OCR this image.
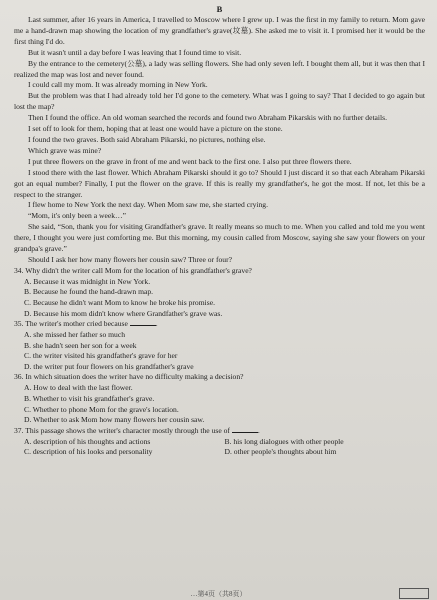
B

Last summer, after 16 years in America, I travelled to Moscow where I grew up. I was the first in my family to return. Mom gave me a hand-drawn map showing the location of my grandfather's grave(坟墓). She asked me to visit it. I promised her it would be the first thing I'd do.

But it wasn't until a day before I was leaving that I found time to visit.

By the entrance to the cemetery(公墓), a lady was selling flowers. She had only seven left. I bought them all, but it was then that I realized the map was lost and never found.

I could call my mom. It was already morning in New York.

But the problem was that I had already told her I'd gone to the cemetery. What was I going to say? That I decided to go again but lost the map?

Then I found the office. An old woman searched the records and found two Abraham Pikarskis with no further details.

I set off to look for them, hoping that at least one would have a picture on the stone.

I found the two graves. Both said Abraham Pikarski, no pictures, nothing else.

Which grave was mine?

I put three flowers on the grave in front of me and went back to the first one. I also put three flowers there.

I stood there with the last flower. Which Abraham Pikarski should it go to? Should I just discard it so that each Abraham Pikarski got an equal number? Finally, I put the flower on the grave. If this is really my grandfather's, he got the most. If not, let this be a respect to the stranger.

I flew home to New York the next day. When Mom saw me, she started crying.

“Mom, it's only been a week…”

She said, “Son, thank you for visiting Grandfather's grave. It really means so much to me. When you called and told me you went there, I thought you were just comforting me. But this morning, my cousin called from Moscow, saying she saw your flowers on your grandpa's grave.”

Should I ask her how many flowers her cousin saw? Three or four?

34. Why didn't the writer call Mom for the location of his grandfather's grave?

A. Because it was midnight in New York.

B. Because he found the hand-drawn map.

C. Because he didn't want Mom to know he broke his promise.

D. Because his mom didn't know where Grandfather's grave was.

35. The writer's mother cried because	.

A. she missed her father so much

B. she hadn't seen her son for a week

C. the writer visited his grandfather's grave for her

D. the writer put four flowers on his grandfather's grave

36. In which situation does the writer have no difficulty making a decision?

A. How to deal with the last flower.

B. Whether to visit his grandfather's grave.

C. Whether to phone Mom for the grave's location.

D. Whether to ask Mom how many flowers her cousin saw.

37. This passage shows the writer's character mostly through the use of	.

A. description of his thoughts and actions	B. his long dialogues with other people
C. description of his looks and personality	D. other people's thoughts about him
…第4页（共8页）
